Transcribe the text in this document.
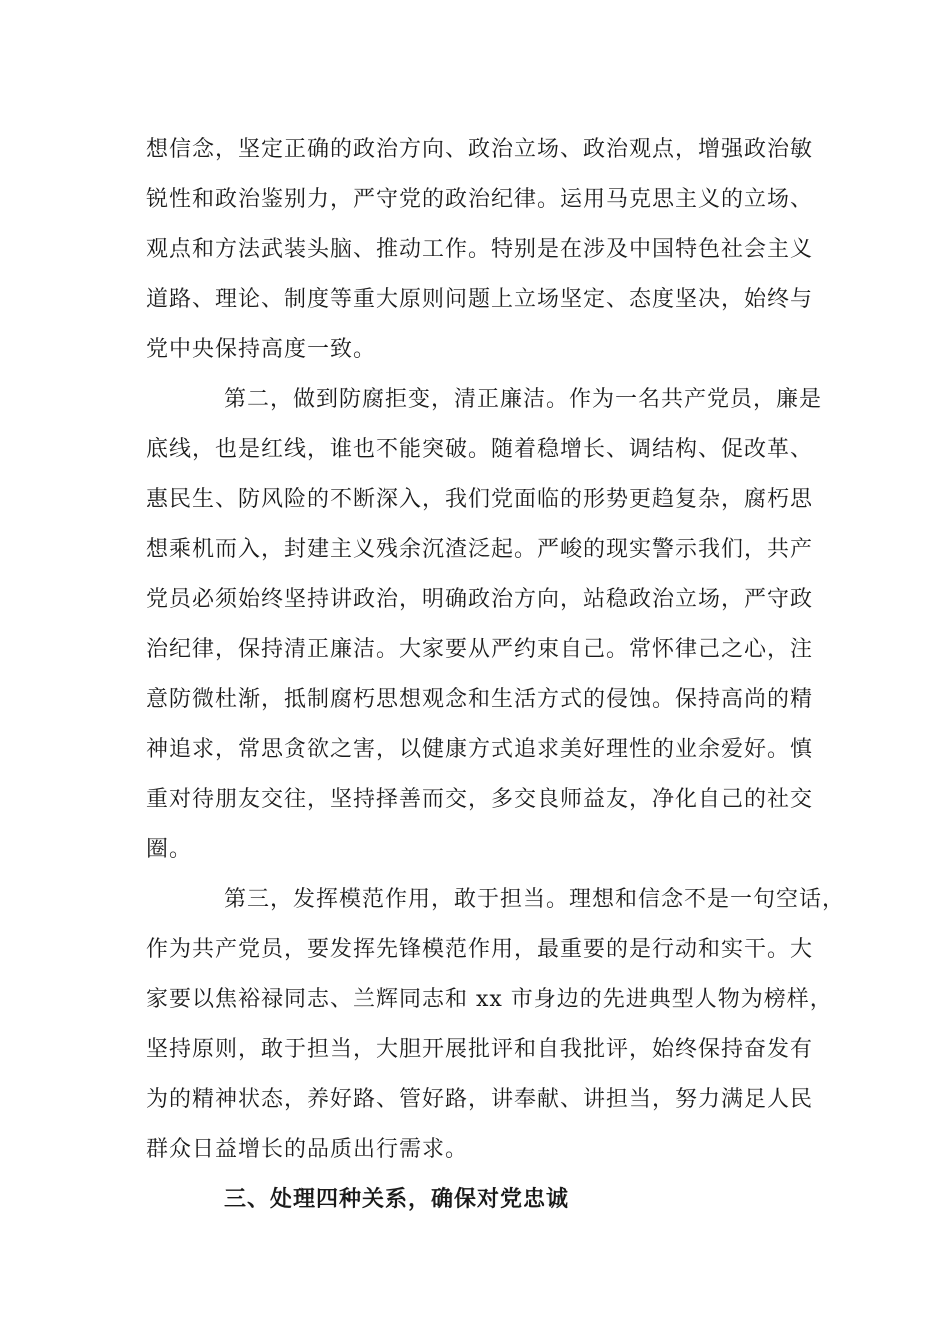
想信念，坚定正确的政治方向、政治立场、政治观点，增强政治敏
锐性和政治鉴别力，严守党的政治纪律。运用马克思主义的立场、
观点和方法武装头脑、推动工作。特别是在涉及中国特色社会主义
道路、理论、制度等重大原则问题上立场坚定、态度坚决，始终与
党中央保持高度一致。
第二，做到防腐拒变，清正廉洁。作为一名共产党员，廉是
底线，也是红线，谁也不能突破。随着稳增长、调结构、促改革、
惠民生、防风险的不断深入，我们党面临的形势更趋复杂，腐朽思
想乘机而入，封建主义残余沉渣泛起。严峻的现实警示我们，共产
党员必须始终坚持讲政治，明确政治方向，站稳政治立场，严守政
治纪律，保持清正廉洁。大家要从严约束自己。常怀律己之心，注
意防微杜渐，抵制腐朽思想观念和生活方式的侵蚀。保持高尚的精
神追求，常思贪欲之害，以健康方式追求美好理性的业余爱好。慎
重对待朋友交往，坚持择善而交，多交良师益友，净化自己的社交
圈。
第三，发挥模范作用，敢于担当。理想和信念不是一句空话，
作为共产党员，要发挥先锋模范作用，最重要的是行动和实干。大
家要以焦裕禄同志、兰辉同志和 xx 市身边的先进典型人物为榜样，
坚持原则，敢于担当，大胆开展批评和自我批评，始终保持奋发有
为的精神状态，养好路、管好路，讲奉献、讲担当，努力满足人民
群众日益增长的品质出行需求。
三、处理四种关系，确保对党忠诚
